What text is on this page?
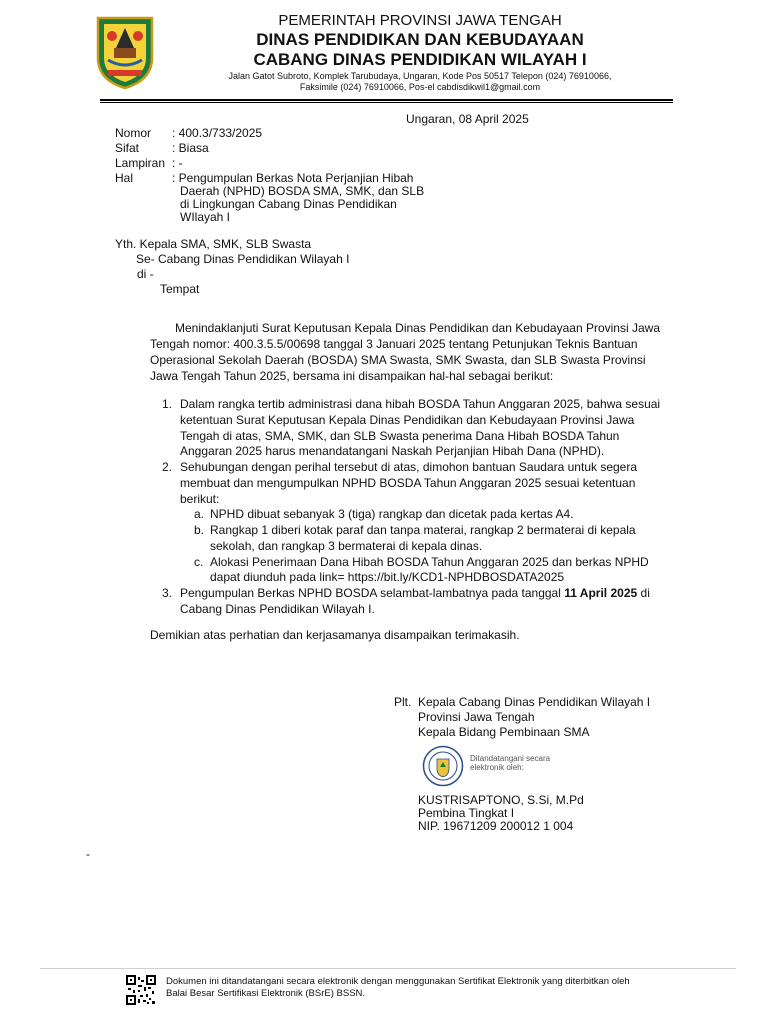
PEMERINTAH PROVINSI JAWA TENGAH
DINAS PENDIDIKAN DAN KEBUDAYAAN
CABANG DINAS PENDIDIKAN WILAYAH I
Jalan Gatot Subroto, Komplek Tarubudaya, Ungaran, Kode Pos 50517 Telepon (024) 76910066,
Faksimile (024) 76910066, Pos-el cabdisdikwil1@gmail.com
Ungaran, 08 April 2025
Nomor : 400.3/733/2025
Sifat	: Biasa
Lampiran : -
Hal	: Pengumpulan Berkas Nota Perjanjian Hibah
Daerah (NPHD) BOSDA SMA, SMK, dan SLB
di Lingkungan Cabang Dinas Pendidikan
WIlayah I
Yth. Kepala SMA, SMK, SLB Swasta
Se- Cabang Dinas Pendidikan Wilayah I
di -
Tempat
Menindaklanjuti Surat Keputusan Kepala Dinas Pendidikan dan Kebudayaan Provinsi Jawa
Tengah nomor: 400.3.5.5/00698 tanggal 3 Januari 2025 tentang Petunjukan Teknis Bantuan
Operasional Sekolah Daerah (BOSDA) SMA Swasta, SMK Swasta, dan SLB Swasta Provinsi
Jawa Tengah Tahun 2025, bersama ini disampaikan hal-hal sebagai berikut:
1. Dalam rangka tertib administrasi dana hibah BOSDA Tahun Anggaran 2025, bahwa sesuai
ketentuan Surat Keputusan Kepala Dinas Pendidikan dan Kebudayaan Provinsi Jawa
Tengah di atas, SMA, SMK, dan SLB Swasta penerima Dana Hibah BOSDA Tahun
Anggaran 2025 harus menandatangani Naskah Perjanjian Hibah Dana (NPHD).
2. Sehubungan dengan perihal tersebut di atas, dimohon bantuan Saudara untuk segera
membuat dan mengumpulkan NPHD BOSDA Tahun Anggaran 2025 sesuai ketentuan
berikut:
a. NPHD dibuat sebanyak 3 (tiga) rangkap dan dicetak pada kertas A4.
b. Rangkap 1 diberi kotak paraf dan tanpa materai, rangkap 2 bermaterai di kepala
sekolah, dan rangkap 3 bermaterai di kepala dinas.
c. Alokasi Penerimaan Dana Hibah BOSDA Tahun Anggaran 2025 dan berkas NPHD
dapat diunduh pada link= https://bit.ly/KCD1-NPHDBOSDATA2025
3. Pengumpulan Berkas NPHD BOSDA selambat-lambatnya pada tanggal 11 April 2025 di
Cabang Dinas Pendidikan Wilayah I.
Demikian atas perhatian dan kerjasamanya disampaikan terimakasih.
Plt. Kepala Cabang Dinas Pendidikan Wilayah I
Provinsi Jawa Tengah
Kepala Bidang Pembinaan SMA
Ditandatangani secara
elektronik oleh:
KUSTRISAPTONO, S.Si, M.Pd
Pembina Tingkat I
NIP. 19671209 200012 1 004
-
Dokumen ini ditandatangani secara elektronik dengan menggunakan Sertifikat Elektronik yang diterbitkan oleh
Balai Besar Sertifikasi Elektronik (BSrE) BSSN.
